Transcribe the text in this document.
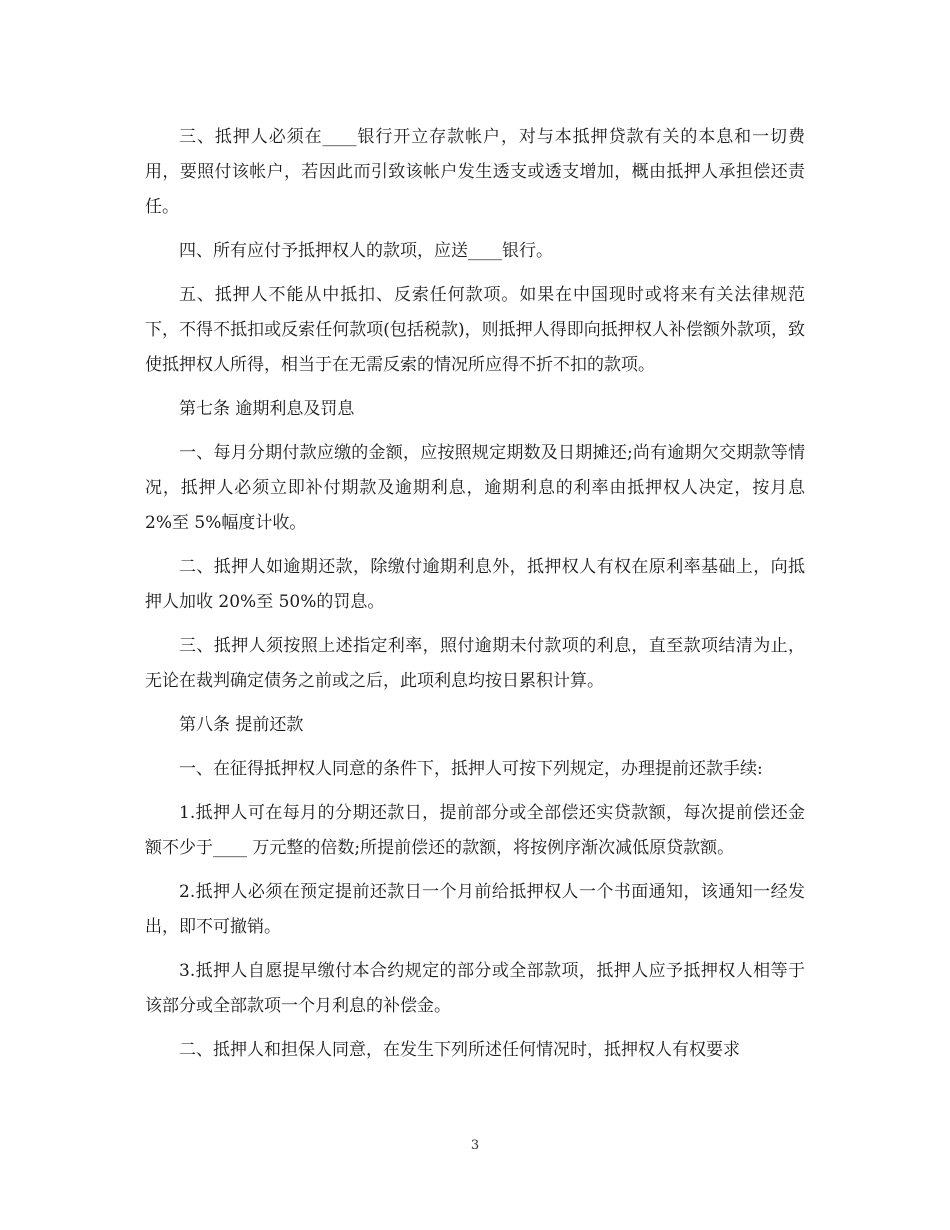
三、抵押人必须在____银行开立存款帐户，对与本抵押贷款有关的本息和一切费用，要照付该帐户，若因此而引致该帐户发生透支或透支增加，概由抵押人承担偿还责任。

四、所有应付予抵押权人的款项，应送____银行。

五、抵押人不能从中抵扣、反索任何款项。如果在中国现时或将来有关法律规范下，不得不抵扣或反索任何款项(包括税款)，则抵押人得即向抵押权人补偿额外款项，致使抵押权人所得，相当于在无需反索的情况所应得不折不扣的款项。

第七条 逾期利息及罚息

一、每月分期付款应缴的金额，应按照规定期数及日期摊还;尚有逾期欠交期款等情况，抵押人必须立即补付期款及逾期利息，逾期利息的利率由抵押权人决定，按月息 2%至 5%幅度计收。

二、抵押人如逾期还款，除缴付逾期利息外，抵押权人有权在原利率基础上，向抵押人加收 20%至 50%的罚息。

三、抵押人须按照上述指定利率，照付逾期未付款项的利息，直至款项结清为止，无论在裁判确定债务之前或之后，此项利息均按日累积计算。

第八条 提前还款

一、在征得抵押权人同意的条件下，抵押人可按下列规定，办理提前还款手续:

1.抵押人可在每月的分期还款日，提前部分或全部偿还实贷款额，每次提前偿还金额不少于____ 万元整的倍数;所提前偿还的款额，将按例序渐次减低原贷款额。

2.抵押人必须在预定提前还款日一个月前给抵押权人一个书面通知，该通知一经发出，即不可撤销。

3.抵押人自愿提早缴付本合约规定的部分或全部款项，抵押人应予抵押权人相等于该部分或全部款项一个月利息的补偿金。

二、抵押人和担保人同意，在发生下列所述任何情况时，抵押权人有权要求

3
